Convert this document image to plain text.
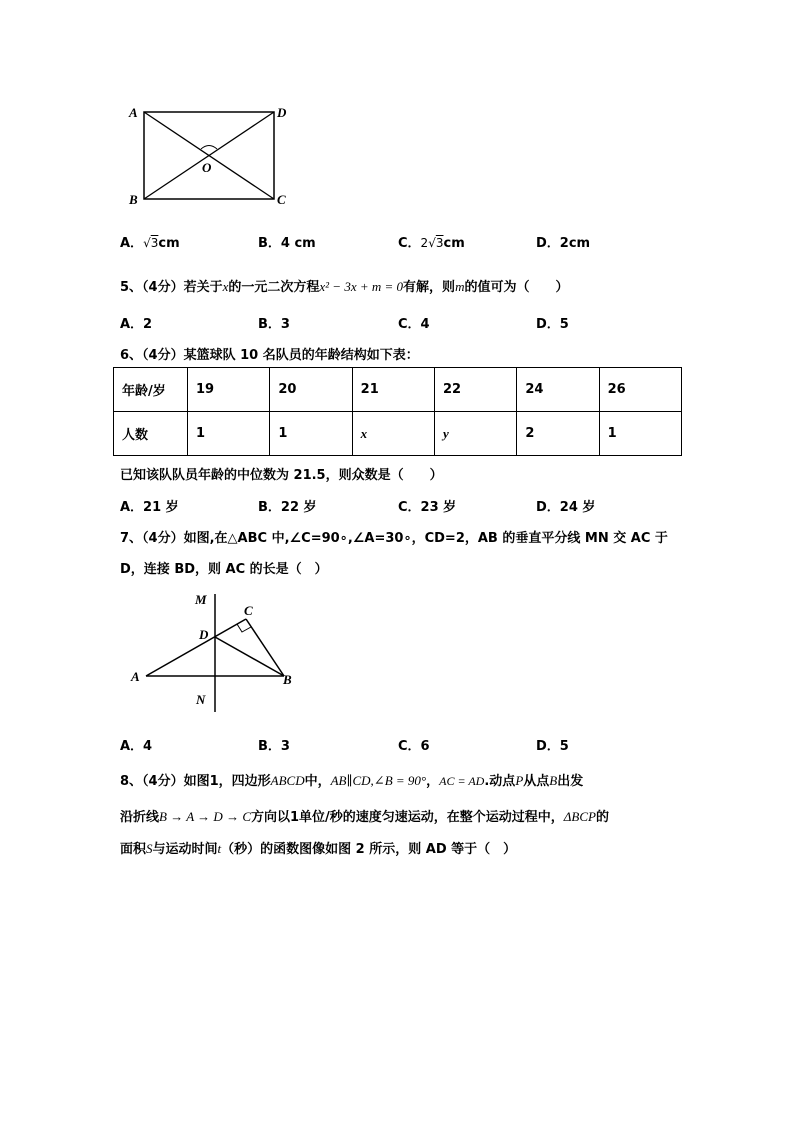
A	D
B	C
O
A．√3cm	B．4 cm	C．2√3cm	D．2cm
5、（4分）若关于x的一元二次方程x² − 3x + m = 0有解，则m的值可为（　　）
A．2	B．3	C．4	D．5
6、（4分）某篮球队 10 名队员的年龄结构如下表：
年龄/岁	19	20	21	22	24	26
人数	1	1	x	y	2	1
已知该队队员年龄的中位数为 21.5，则众数是（　　）
A．21 岁	B．22 岁	C．23 岁	D．24 岁
7、（4分）如图,在△ABC 中,∠C=90∘,∠A=30∘，CD=2，AB 的垂直平分线 MN 交 AC 于
D，连接 BD，则 AC 的长是（　）
M
C
D
A	B
N
A．4	B．3	C．6	D．5
8、（4分）如图1，四边形ABCD中，AB∥CD,∠B = 90°，AC = AD.动点P从点B出发
沿折线B → A → D → C方向以1单位/秒的速度匀速运动，在整个运动过程中，ΔBCP的
面积S与运动时间t（秒）的函数图像如图 2 所示，则 AD 等于（　）
